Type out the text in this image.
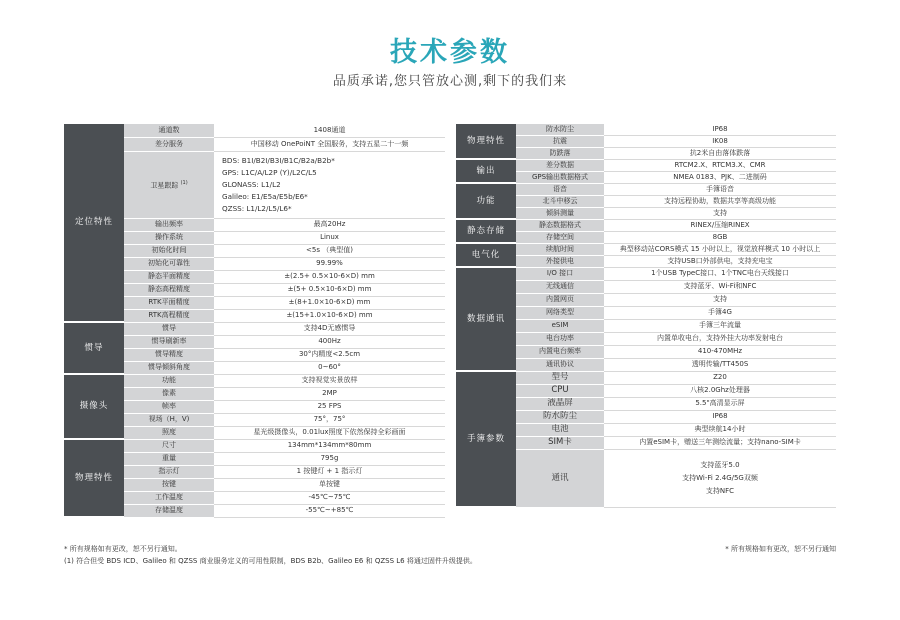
技术参数
品质承诺,您只管放心测,剩下的我们来
定位特性	通道数	1408通道
	差分服务	中国移动 OnePoiNT 全国服务，支持五星二十一频
	卫星跟踪 $^{(1)}$	BDS: B1I/B2I/B3I/B1C/B2a/B2b*
GPS: L1C/A/L2P (Y)/L2C/L5
GLONASS: L1/L2
Galileo: E1/E5a/E5b/E6*
QZSS: L1/L2/L5/L6*

	输出频率	最高20Hz
	操作系统	Linux
	初始化时间	<5s （典型值)
	初始化可靠性	99.99%
	静态平面精度	±(2.5+ 0.5×10-6×D) mm
	静态高程精度	±(5+ 0.5×10-6×D) mm
	RTK平面精度	±(8+1.0×10-6×D) mm
	RTK高程精度	±(15+1.0×10-6×D) mm
惯导	惯导	支持4D无感惯导
	惯导刷新率	400Hz
	惯导精度	30°内精度<2.5cm
	惯导倾斜角度	0~60°
摄像头	功能	支持视觉实景放样
	像素	2MP
	帧率	25 FPS
	视场（H，V)	75°，75°
	照度	星光级摄像头，0.01lux照度下依然保持全彩画面
物理特性	尺寸	134mm*134mm*80mm
	重量	795g
	指示灯	1 按键灯 + 1 指示灯
	按键	单按键
	工作温度	-45℃~75℃
	存储温度	-55℃~+85℃
物理特性	防水防尘	IP68
	抗震	IK08
	防跌落	抗2米自由落体跌落
输出	差分数据	RTCM2.X、RTCM3.X、CMR
	GPS输出数据格式	NMEA 0183、PJK、二进制码
功能	语音	手簿语音
	北斗中移云	支持远程协助，数据共享等高级功能
	倾斜测量	支持
静态存储	静态数据格式	RINEX/压缩RINEX
	存储空间	8GB
电气化	续航时间	典型移动站CORS模式 15 小时以上，视觉放样模式 10 小时以上
	外接供电	支持USB口外部供电，支持充电宝
数据通讯	I/O 接口	1个USB TypeC接口、1个TNC电台天线接口
	无线通信	支持蓝牙、Wi-Fi和NFC
	内置网页	支持
	网络类型	手簿4G
	eSIM	手簿三年流量
	电台功率	内置单收电台，支持外挂大功率发射电台
	内置电台频率	410-470MHz
	通讯协议	透明传输/TT450S
手簿参数	型号	Z20
	CPU	八核2.0Ghz处理器
	液晶屏	5.5"高清显示屏
	防水防尘	IP68
	电池	典型续航14小时
	SIM卡	内置eSIM卡，赠送三年测绘流量；支持nano-SIM卡
	通讯	支持蓝牙5.0
支持Wi-Fi 2.4G/5G双频
支持NFC
* 所有规格如有更改，恕不另行通知。
(1) 符合但受 BDS ICD、Galileo 和 QZSS 商业服务定义的可用性限制，BDS B2b、Galileo E6 和 QZSS L6 将通过固件升级提供。
* 所有规格如有更改，恕不另行通知
